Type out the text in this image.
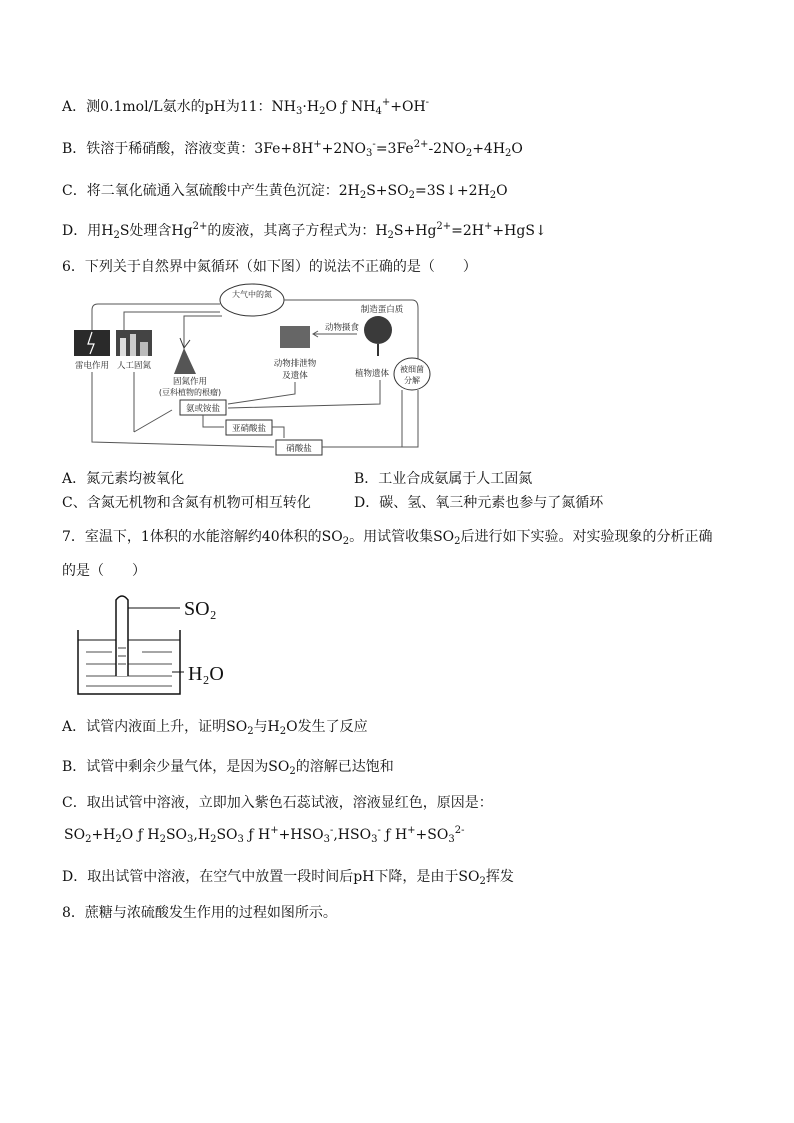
A．测0.1mol/L氨水的pH为11：$NH_3\cdot H_2O$ ƒ $NH_4^++OH^-$
B．铁溶于稀硝酸，溶液变黄：$3Fe+8H^++2NO_3^-=3Fe^{2+}-2NO_2+4H_2O$
C．将二氧化硫通入氢硫酸中产生黄色沉淀：$2H_2S+SO_2=3S↓+2H_2O$
D．用$H_2S$处理含$Hg^{2+}$的废液，其离子方程式为：$H_2S+Hg^{2+}=2H^++HgS↓$
6．下列关于自然界中氮循环（如下图）的说法不正确的是（　　）
大气中的氮
雷电作用 人工固氮
固氮作用
(豆科植物的根瘤)
动物排泄物
及遗体
动物摄食
制造蛋白质
植物遗体 被细菌
分解
氨或铵盐
亚硝酸盐
硝酸盐
A．氮元素均被氧化	B．工业合成氨属于人工固氮
C、含氮无机物和含氮有机物可相互转化	D．碳、氢、氧三种元素也参与了氮循环
7．室温下，1体积的水能溶解约40体积的$SO_2$。用试管收集$SO_2$后进行如下实验。对实验现象的分析正确
的是（　　）
SO₂
H₂O
A．试管内液面上升，证明$SO_2$与$H_2O$发生了反应
B．试管中剩余少量气体，是因为$SO_2$的溶解已达饱和
C．取出试管中溶液，立即加入紫色石蕊试液，溶液显红色，原因是：
$SO_2+H_2O$ ƒ $H_2SO_3,H_2SO_3$ ƒ $H^++HSO_3^-,HSO_3^-$ ƒ $H^++SO_3^{2-}$
D．取出试管中溶液，在空气中放置一段时间后pH下降，是由于$SO_2$挥发
8．蔗糖与浓硫酸发生作用的过程如图所示。
